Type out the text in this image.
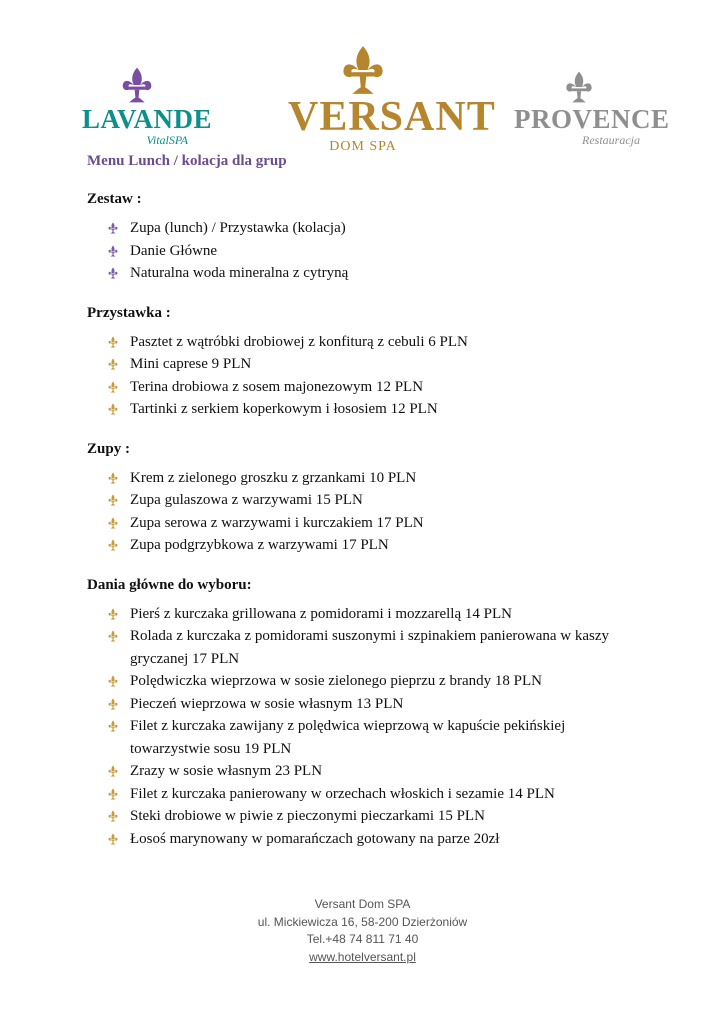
LAVANDE
VitalSPA VERSANT
DOM SPA
PROVENCE
Restauracja
Menu Lunch / kolacja dla grup

Zestaw :

Zupa (lunch) / Przystawka (kolacja)
Danie Główne
Naturalna woda mineralna z cytryną

Przystawka :

Pasztet z wątróbki drobiowej z konfiturą z cebuli 6 PLN
Mini caprese 9 PLN
Terina drobiowa z sosem majonezowym 12 PLN
Tartinki z serkiem koperkowym i łososiem 12 PLN

Zupy :

Krem z zielonego groszku z grzankami 10 PLN
Zupa gulaszowa z warzywami 15 PLN
Zupa serowa z warzywami i kurczakiem 17 PLN
Zupa podgrzybkowa z warzywami 17 PLN

Dania główne do wyboru:

Pierś z kurczaka grillowana z pomidorami i mozzarellą 14 PLN
Rolada z kurczaka z pomidorami suszonymi i szpinakiem panierowana w kaszy gryczanej 17 PLN
Polędwiczka wieprzowa w sosie zielonego pieprzu z brandy 18 PLN
Pieczeń wieprzowa w sosie własnym 13 PLN
Filet z kurczaka zawijany z polędwica wieprzową w kapuście pekińskiej towarzystwie sosu 19 PLN
Zrazy w sosie własnym 23 PLN
Filet z kurczaka panierowany w orzechach włoskich i sezamie 14 PLN
Steki drobiowe w piwie z pieczonymi pieczarkami 15 PLN
Łosoś marynowany w pomarańczach gotowany na parze 20zł
Versant Dom SPA
ul. Mickiewicza 16, 58-200 Dzierżoniów
Tel.+48 74 811 71 40
www.hotelversant.pl
